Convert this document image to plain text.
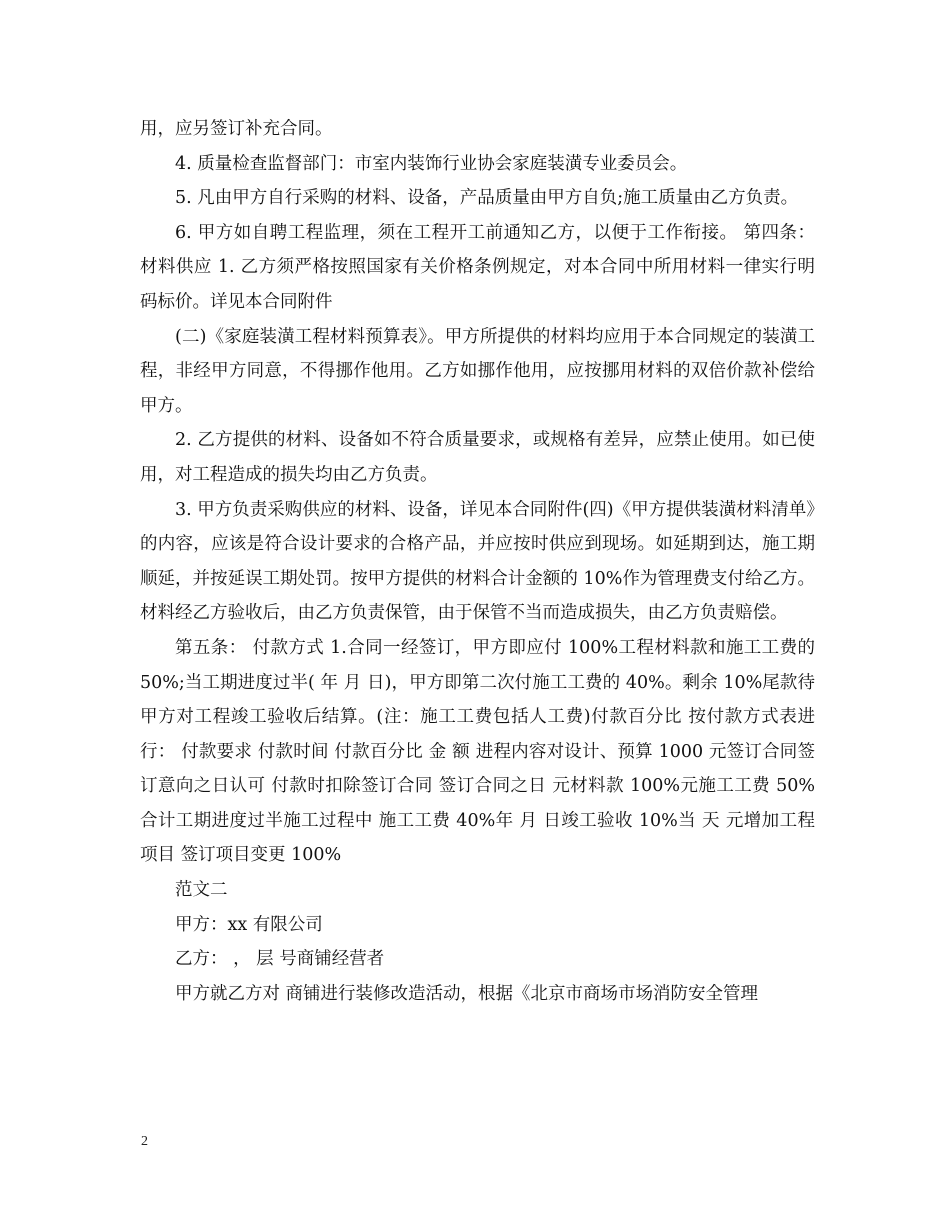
用，应另签订补充合同。

4. 质量检查监督部门：市室内装饰行业协会家庭装潢专业委员会。

5. 凡由甲方自行采购的材料、设备，产品质量由甲方自负;施工质量由乙方负责。

6. 甲方如自聘工程监理，须在工程开工前通知乙方，以便于工作衔接。 第四条：材料供应 1. 乙方须严格按照国家有关价格条例规定，对本合同中所用材料一律实行明码标价。详见本合同附件

(二)《家庭装潢工程材料预算表》。甲方所提供的材料均应用于本合同规定的装潢工程，非经甲方同意，不得挪作他用。乙方如挪作他用，应按挪用材料的双倍价款补偿给甲方。

2. 乙方提供的材料、设备如不符合质量要求，或规格有差异，应禁止使用。如已使用，对工程造成的损失均由乙方负责。

3. 甲方负责采购供应的材料、设备，详见本合同附件(四)《甲方提供装潢材料清单》的内容，应该是符合设计要求的合格产品，并应按时供应到现场。如延期到达，施工期顺延，并按延误工期处罚。按甲方提供的材料合计金额的 10%作为管理费支付给乙方。材料经乙方验收后，由乙方负责保管，由于保管不当而造成损失，由乙方负责赔偿。

第五条： 付款方式 1.合同一经签订，甲方即应付 100%工程材料款和施工工费的 50%;当工期进度过半( 年 月 日)，甲方即第二次付施工工费的 40%。剩余 10%尾款待甲方对工程竣工验收后结算。(注：施工工费包括人工费)付款百分比 按付款方式表进行： 付款要求 付款时间 付款百分比 金 额 进程内容对设计、预算 1000 元签订合同签订意向之日认可 付款时扣除签订合同 签订合同之日 元材料款 100%元施工工费 50%合计工期进度过半施工过程中 施工工费 40%年 月 日竣工验收 10%当 天 元增加工程项目 签订项目变更 100%

范文二

甲方：xx 有限公司

乙方： ， 层 号商铺经营者

甲方就乙方对 商铺进行装修改造活动，根据《北京市商场市场消防安全管理

2
